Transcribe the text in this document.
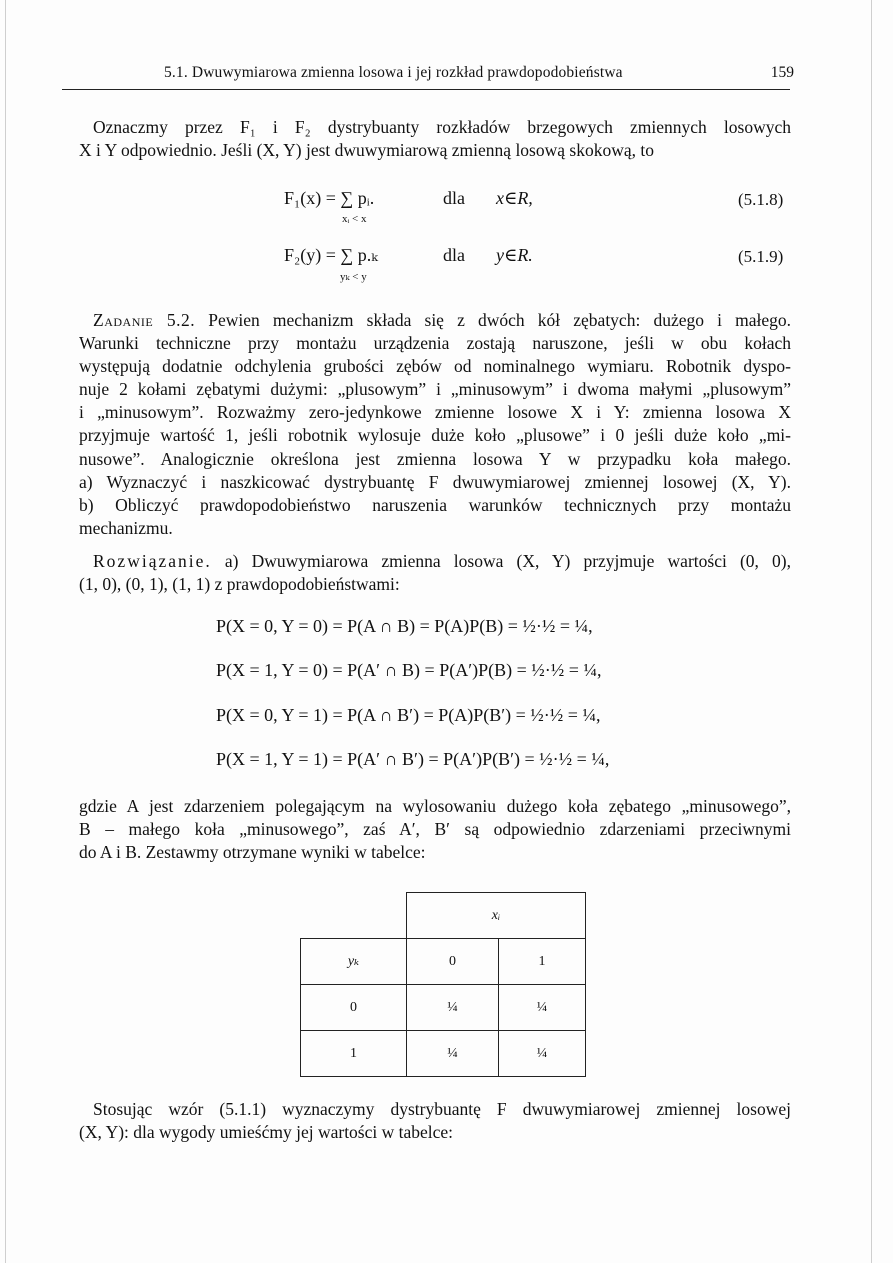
5.1. Dwuwymiarowa zmienna losowa i jej rozkład prawdopodobieństwa	159
Oznaczmy przez F₁ i F₂ dystrybuanty rozkładów brzegowych zmiennych losowych
X i Y odpowiednio. Jeśli (X, Y) jest dwuwymiarową zmienną losową skokową, to
F₁(x) = ∑ pᵢ.
xᵢ < x
dla x∈R,	(5.1.8)
F₂(y) = ∑ p.ₖ
yₖ < y
dla y∈R.	(5.1.9)
Zadanie 5.2. Pewien mechanizm składa się z dwóch kół zębatych: dużego i małego.
Warunki techniczne przy montażu urządzenia zostają naruszone, jeśli w obu kołach
występują dodatnie odchylenia grubości zębów od nominalnego wymiaru. Robotnik dyspo-
nuje 2 kołami zębatymi dużymi: „plusowym” i „minusowym” i dwoma małymi „plusowym”
i „minusowym”. Rozważmy zero-jedynkowe zmienne losowe X i Y: zmienna losowa X
przyjmuje wartość 1, jeśli robotnik wylosuje duże koło „plusowe” i 0 jeśli duże koło „mi-
nusowe”. Analogicznie określona jest zmienna losowa Y w przypadku koła małego.
a) Wyznaczyć i naszkicować dystrybuantę F dwuwymiarowej zmiennej losowej (X, Y).
b) Obliczyć prawdopodobieństwo naruszenia warunków technicznych przy montażu
mechanizmu.
Rozwiązanie. a) Dwuwymiarowa zmienna losowa (X, Y) przyjmuje wartości (0, 0),
(1, 0), (0, 1), (1, 1) z prawdopodobieństwami:
P(X = 0, Y = 0) = P(A ∩ B) = P(A)P(B) = ½·½ = ¼,
P(X = 1, Y = 0) = P(A′ ∩ B) = P(A′)P(B) = ½·½ = ¼,
P(X = 0, Y = 1) = P(A ∩ B′) = P(A)P(B′) = ½·½ = ¼,
P(X = 1, Y = 1) = P(A′ ∩ B′) = P(A′)P(B′) = ½·½ = ¼,
gdzie A jest zdarzeniem polegającym na wylosowaniu dużego koła zębatego „minusowego”,
B – małego koła „minusowego”, zaś A′, B′ są odpowiednio zdarzeniami przeciwnymi
do A i B. Zestawmy otrzymane wyniki w tabelce:
	xᵢ	
yₖ	0	1
0	¼	¼
1	¼	¼
Stosując wzór (5.1.1) wyznaczymy dystrybuantę F dwuwymiarowej zmiennej losowej
(X, Y): dla wygody umieśćmy jej wartości w tabelce:
